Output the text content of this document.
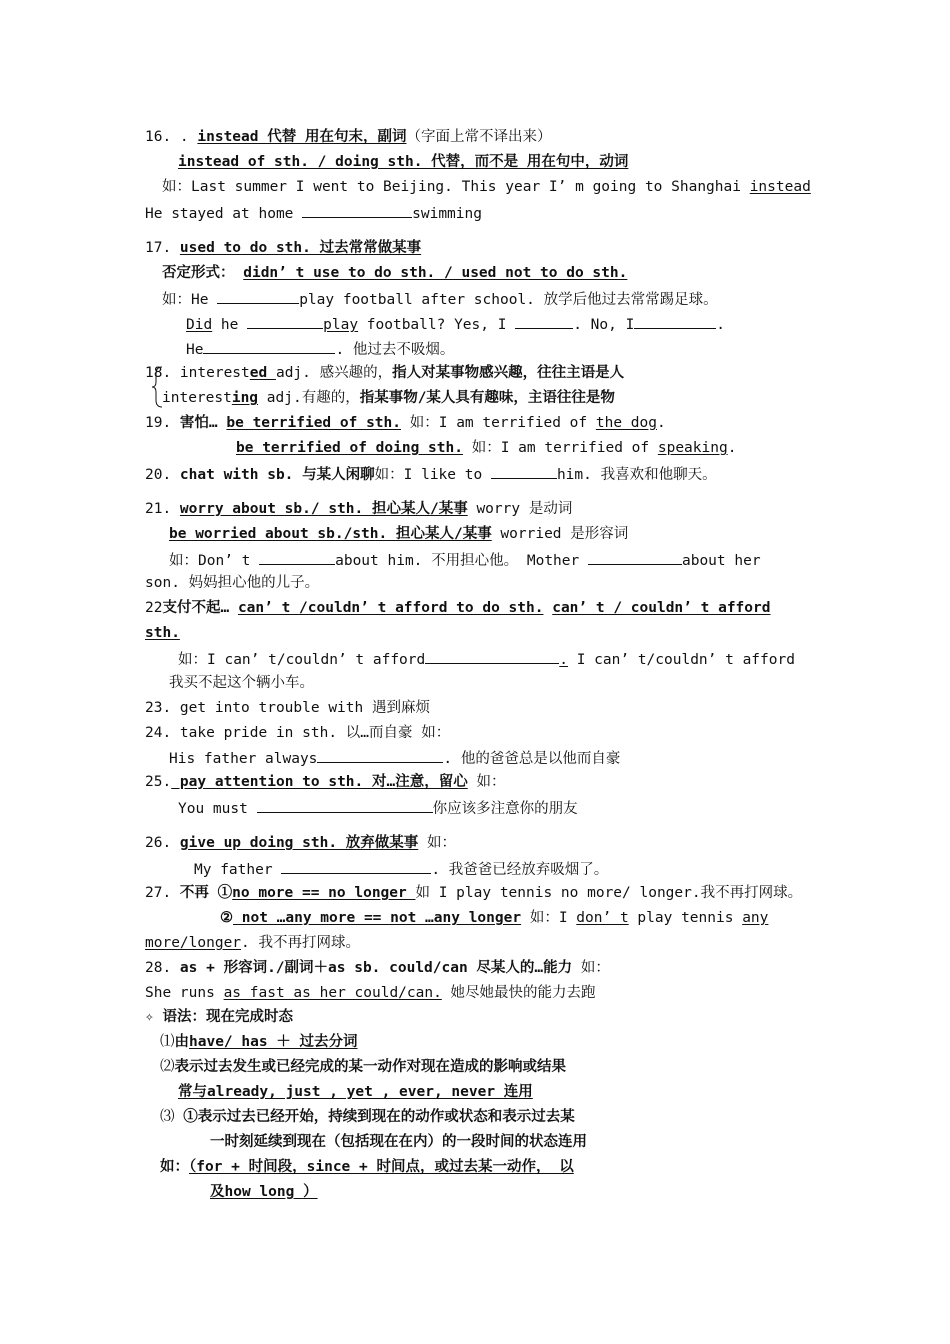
16. . instead 代替 用在句末，副词（字面上常不译出来）
instead of sth. / doing sth. 代替，而不是 用在句中，动词
如：Last summer I went to Beijing. This year I’ m going to Shanghai instead
He stayed at home	swimming
17. used to do sth. 过去常常做某事
否定形式： didn’ t use to do sth. / used not to do sth.
如：He	play football after school. 放学后他过去常常踢足球。
Did he	play football? Yes, I	. No, I	.
He	. 他过去不吸烟。
18. interested adj. 感兴趣的，指人对某事物感兴趣，往往主语是人
interesting adj.有趣的，指某事物/某人具有趣味，主语往往是物
19. 害怕… be terrified of sth. 如：I am terrified of the dog.
be terrified of doing sth. 如：I am terrified of speaking.
20. chat with sb. 与某人闲聊如：I like to	him. 我喜欢和他聊天。
21. worry about sb./ sth. 担心某人/某事 worry 是动词
be worried about sb./sth. 担心某人/某事 worried 是形容词
如：Don’ t	about him. 不用担心他。 Mother	about her
son. 妈妈担心他的儿子。
22支付不起… can’ t /couldn’ t afford to do sth. can’ t / couldn’ t afford
sth.
如：I can’ t/couldn’ t afford	. I can’ t/couldn’ t afford
我买不起这个辆小车。
23. get into trouble with 遇到麻烦
24. take pride in sth. 以…而自豪 如：
His father always	. 他的爸爸总是以他而自豪
25. pay attention to sth. 对…注意，留心 如：
You must	你应该多注意你的朋友
26. give up doing sth. 放弃做某事 如：
My father	. 我爸爸已经放弃吸烟了。
27. 不再 ①no more == no longer 如 I play tennis no more/ longer.我不再打网球。
② not …any more == not …any longer 如：I don’ t play tennis any
more/longer. 我不再打网球。
28. as + 形容词./副词＋as sb. could/can 尽某人的…能力 如：
She runs as fast as her could/can. 她尽她最快的能力去跑
✧ 语法：现在完成时态
⑴由have/ has ＋ 过去分词
⑵表示过去发生或已经完成的某一动作对现在造成的影响或结果
常与already, just , yet , ever, never 连用
⑶ ①表示过去已经开始，持续到现在的动作或状态和表示过去某
一时刻延续到现在（包括现在在内）的一段时间的状态连用
如：（for + 时间段，since + 时间点，或过去某一动作， 以
及how long ）
